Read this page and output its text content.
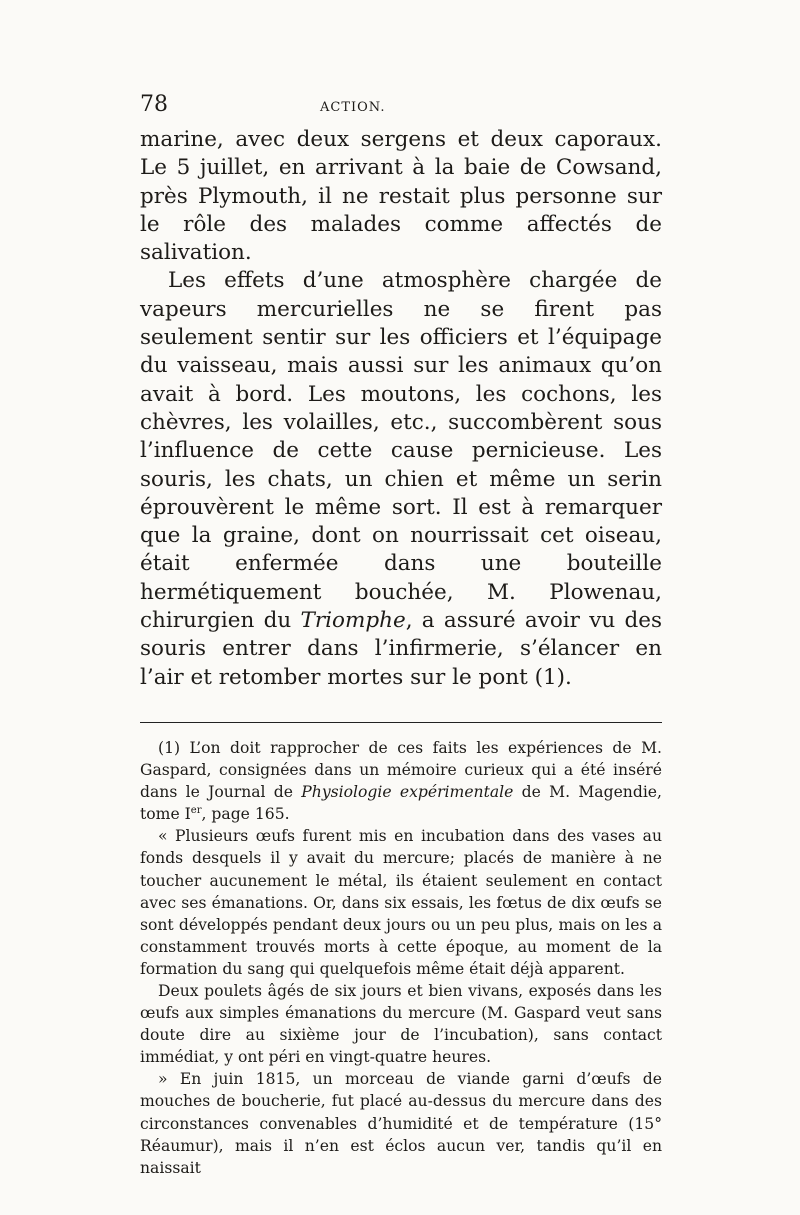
78	ACTION.

marine, avec deux sergens et deux caporaux. Le 5 juillet, en arrivant à la baie de Cowsand, près Plymouth, il ne restait plus personne sur le rôle des malades comme affectés de salivation.

Les effets d’une atmosphère chargée de vapeurs mercurielles ne se firent pas seulement sentir sur les officiers et l’équipage du vaisseau, mais aussi sur les animaux qu’on avait à bord. Les moutons, les cochons, les chèvres, les volailles, etc., succombèrent sous l’influence de cette cause pernicieuse. Les souris, les chats, un chien et même un serin éprouvèrent le même sort. Il est à remarquer que la graine, dont on nourrissait cet oiseau, était enfermée dans une bouteille hermétiquement bouchée, M. Plowenau, chirurgien du Triomphe, a assuré avoir vu des souris entrer dans l’infirmerie, s’élancer en l’air et retomber mortes sur le pont (1).

(1) L’on doit rapprocher de ces faits les expériences de M. Gaspard, consignées dans un mémoire curieux qui a été inséré dans le Journal de Physiologie expérimentale de M. Magendie, tome Ier, page 165.

« Plusieurs œufs furent mis en incubation dans des vases au fonds desquels il y avait du mercure; placés de manière à ne toucher aucunement le métal, ils étaient seulement en contact avec ses émanations. Or, dans six essais, les fœtus de dix œufs se sont développés pendant deux jours ou un peu plus, mais on les a constamment trouvés morts à cette époque, au moment de la formation du sang qui quelquefois même était déjà apparent.

Deux poulets âgés de six jours et bien vivans, exposés dans les œufs aux simples émanations du mercure (M. Gaspard veut sans doute dire au sixième jour de l’incubation), sans contact immédiat, y ont péri en vingt-quatre heures.

» En juin 1815, un morceau de viande garni d’œufs de mouches de boucherie, fut placé au-dessus du mercure dans des circonstances convenables d’humidité et de température (15° Réaumur), mais il n’en est éclos aucun ver, tandis qu’il en naissait
